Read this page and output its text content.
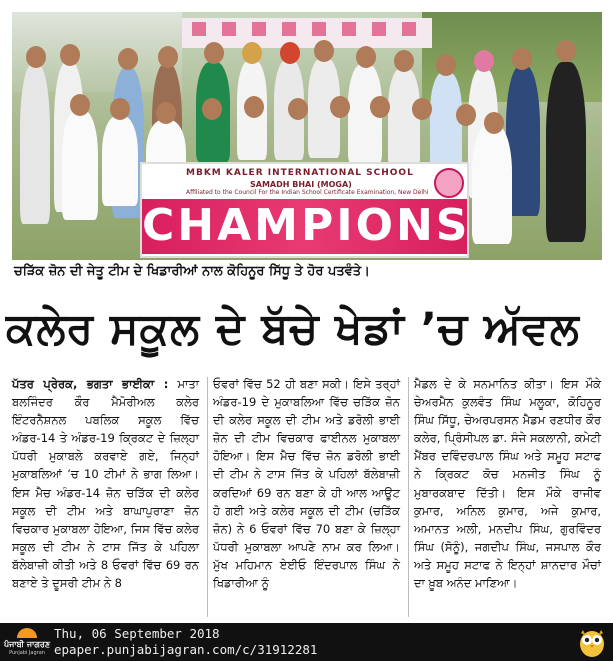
MBKM KALER INTERNATIONAL SCHOOL
SAMADH BHAI (MOGA)
Affiliated to the Council For the Indian School Certificate Examination, New Delhi
CHAMPIONS
ਚੜਿੱਕ ਜ਼ੋਨ ਦੀ ਜੇਤੂ ਟੀਮ ਦੇ ਖਿਡਾਰੀਆਂ ਨਾਲ ਕੋਹਿਨੂਰ ਸਿੱਧੂ ਤੇ ਹੋਰ ਪਤਵੰਤੇ।
ਕਲੇਰ ਸਕੂਲ ਦੇ ਬੱਚੇ ਖੇਡਾਂ ’ਚ ਅੱਵਲ
ਪੱਤਰ ਪ੍ਰੇਰਕ, ਭਗਤਾ ਭਾਈਕਾ : ਮਾਤਾ ਬਲਜਿੰਦਰ ਕੌਰ ਮੈਮੋਰੀਅਲ ਕਲੇਰ ਇੰਟਰਨੈਸ਼ਨਲ ਪਬਲਿਕ ਸਕੂਲ ਵਿੱਚ ਅੰਡਰ-14 ਤੇ ਅੰਡਰ-19 ਕ੍ਰਿਕਟ ਦੇ ਜ਼ਿਲ੍ਹਾ ਪੱਧਰੀ ਮੁਕਾਬਲੇ ਕਰਵਾਏ ਗਏ, ਜਿਨ੍ਹਾਂ ਮੁਕਾਬਲਿਆਂ ’ਚ 10 ਟੀਮਾਂ ਨੇ ਭਾਗ ਲਿਆ। ਇਸ ਮੈਚ ਅੰਡਰ-14 ਜ਼ੋਨ ਚੜਿੱਕ ਦੀ ਕਲੇਰ ਸਕੂਲ ਦੀ ਟੀਮ ਅਤੇ ਬਾਘਾਪੁਰਾਣਾ ਜ਼ੋਨ ਵਿਚਕਾਰ ਮੁਕਾਬਲਾ ਹੋਇਆ, ਜਿਸ ਵਿੱਚ ਕਲੇਰ ਸਕੂਲ ਦੀ ਟੀਮ ਨੇ ਟਾਸ ਜਿੱਤ ਕੇ ਪਹਿਲਾ ਬੱਲੇਬਾਜ਼ੀ ਕੀਤੀ ਅਤੇ 8 ਓਵਰਾਂ ਵਿੱਚ 69 ਰਨ ਬਣਾਏ ਤੇ ਦੂਸਰੀ ਟੀਮ ਨੇ 8
ਓਵਰਾਂ ਵਿੱਚ 52 ਹੀ ਬਣਾ ਸਕੀ। ਇਸੇ ਤਰ੍ਹਾਂ ਅੰਡਰ-19 ਦੇ ਮੁਕਾਬਲਿਆ ਵਿੱਚ ਚੜਿੱਕ ਜ਼ੋਨ ਦੀ ਕਲੇਰ ਸਕੂਲ ਦੀ ਟੀਮ ਅਤੇ ਡਰੋਲੀ ਭਾਈ ਜ਼ੋਨ ਦੀ ਟੀਮ ਵਿਚਕਾਰ ਫਾਈਨਲ ਮੁਕਾਬਲਾ ਹੋਇਆ। ਇਸ ਮੈਚ ਵਿੱਚ ਜ਼ੋਨ ਡਰੋਲੀ ਭਾਈ ਦੀ ਟੀਮ ਨੇ ਟਾਸ ਜਿੱਤ ਕੇ ਪਹਿਲਾਂ ਬੱਲੇਬਾਜ਼ੀ ਕਰਦਿਆਂ 69 ਰਨ ਬਣਾ ਕੇ ਹੀ ਆਲ ਆਊਟ ਹੋ ਗਈ ਅਤੇ ਕਲੇਰ ਸਕੂਲ ਦੀ ਟੀਮ (ਚੜਿੱਕ ਜ਼ੋਨ) ਨੇ 6 ਓਵਰਾਂ ਵਿੱਚ 70 ਬਣਾ ਕੇ ਜ਼ਿਲ੍ਹਾ ਪੱਧਰੀ ਮੁਕਾਬਲਾ ਆਪਣੇ ਨਾਮ ਕਰ ਲਿਆ। ਮੁੱਖ ਮਹਿਮਾਨ ਏਈਓ ਇੰਦਰਪਾਲ ਸਿੰਘ ਨੇ ਖਿਡਾਰੀਆ ਨੂੰ
ਮੈਡਲ ਦੇ ਕੇ ਸਨਮਾਨਿਤ ਕੀਤਾ। ਇਸ ਮੌਕੇ ਚੇਅਰਮੈਨ ਕੁਲਵੰਤ ਸਿੰਘ ਮਲੂਕਾ, ਕੋਹਿਨੂਰ ਸਿੰਘ ਸਿੱਧੂ, ਚੇਅਰਪਰਸਨ ਮੈਡਮ ਰਣਧੀਰ ਕੌਰ ਕਲੇਰ, ਪ੍ਰਿੰਸੀਪਲ ਡਾ. ਸੰਜੇ ਸਕਲਾਨੀ, ਕਮੇਟੀ ਮੈਂਬਰ ਦਵਿੰਦਰਪਾਲ ਸਿੰਘ ਅਤੇ ਸਮੂਹ ਸਟਾਫ ਨੇ ਕ੍ਰਿਕਟ ਕੋਚ ਮਨਜੀਤ ਸਿੰਘ ਨੂੰ ਮੁਬਾਰਕਬਾਦ ਦਿੱਤੀ। ਇਸ ਮੌਕੇ ਰਾਜੀਵ ਕੁਮਾਰ, ਅਨਿਲ ਕੁਮਾਰ, ਅਜੇ ਕੁਮਾਰ, ਅਮਾਨਤ ਅਲੀ, ਮਨਦੀਪ ਸਿੰਘ, ਗੁਰਵਿੰਦਰ ਸਿੰਘ (ਸੋਨੂੰ), ਜਗਦੀਪ ਸਿੰਘ, ਜਸਪਾਲ ਕੌਰ ਅਤੇ ਸਮੂਹ ਸਟਾਫ ਨੇ ਇਨ੍ਹਾਂ ਸ਼ਾਨਦਾਰ ਮੌਚਾਂ ਦਾ ਖ਼ੂਬ ਅਨੰਦ ਮਾਣਿਆ।
ਪੰਜਾਬੀ ਜਾਗਰਣ
Punjabi Jagran
Thu, 06 September 2018
epaper.punjabijagran.com/c/31912281
